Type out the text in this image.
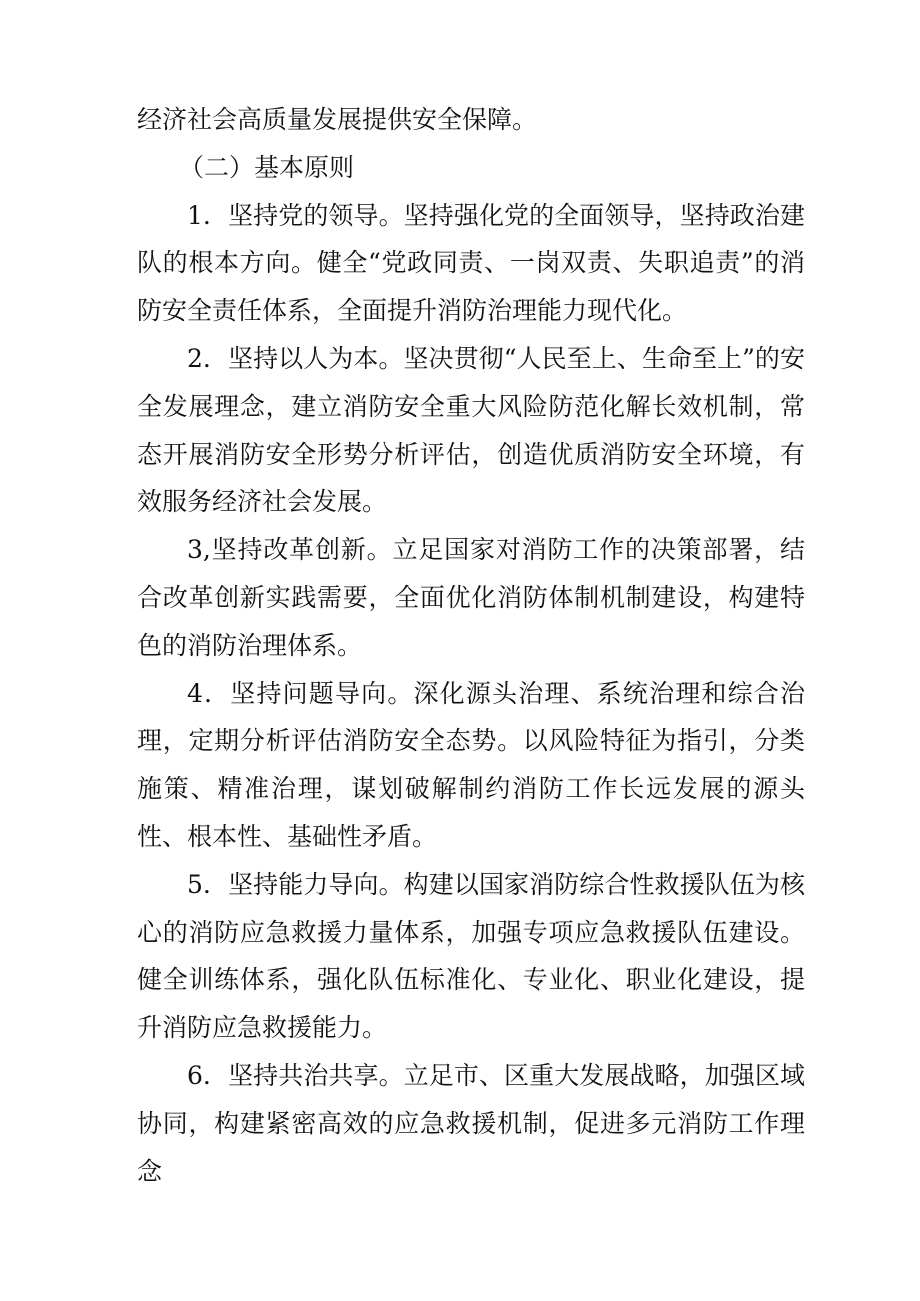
经济社会高质量发展提供安全保障。

（二）基本原则

1．坚持党的领导。坚持强化党的全面领导，坚持政治建队的根本方向。健全“党政同责、一岗双责、失职追责”的消防安全责任体系，全面提升消防治理能力现代化。

2．坚持以人为本。坚决贯彻“人民至上、生命至上”的安全发展理念，建立消防安全重大风险防范化解长效机制，常态开展消防安全形势分析评估，创造优质消防安全环境，有效服务经济社会发展。

3,坚持改革创新。立足国家对消防工作的决策部署，结合改革创新实践需要，全面优化消防体制机制建设，构建特色的消防治理体系。

4．坚持问题导向。深化源头治理、系统治理和综合治理，定期分析评估消防安全态势。以风险特征为指引，分类施策、精准治理，谋划破解制约消防工作长远发展的源头性、根本性、基础性矛盾。

5．坚持能力导向。构建以国家消防综合性救援队伍为核心的消防应急救援力量体系，加强专项应急救援队伍建设。健全训练体系，强化队伍标准化、专业化、职业化建设，提升消防应急救援能力。

6．坚持共治共享。立足市、区重大发展战略，加强区域协同，构建紧密高效的应急救援机制，促进多元消防工作理念
